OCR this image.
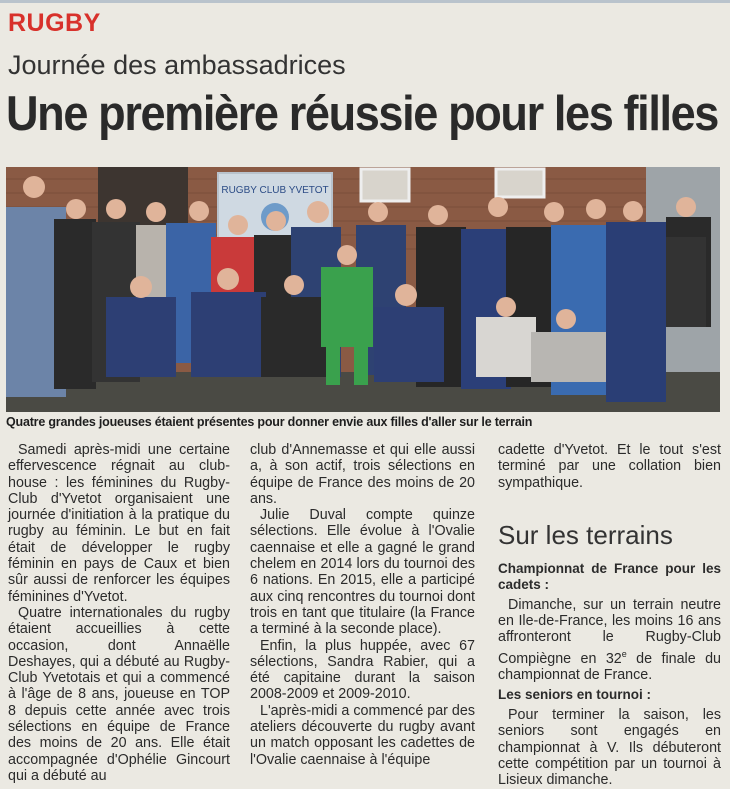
RUGBY
Journée des ambassadrices
Une première réussie pour les filles
RUGBY CLUB YVETOT
Quatre grandes joueuses étaient présentes pour donner envie aux filles d'aller sur le terrain

Samedi après-midi une certaine effervescence régnait au club-house : les féminines du Rugby-Club d'Yvetot organisaient une journée d'initiation à la pratique du rugby au féminin. Le but en fait était de développer le rugby féminin en pays de Caux et bien sûr aussi de renforcer les équipes féminines d'Yvetot.

Quatre internationales du rugby étaient accueillies à cette occasion, dont Annaëlle Deshayes, qui a débuté au Rugby-Club Yvetotais et qui a commencé à l'âge de 8 ans, joueuse en TOP 8 depuis cette année avec trois sélections en équipe de France des moins de 20 ans. Elle était accompagnée d'Ophélie Gincourt qui a débuté au

club d'Annemasse et qui elle aussi a, à son actif, trois sélections en équipe de France des moins de 20 ans.

Julie Duval compte quinze sélections. Elle évolue à l'Ovalie caennaise et elle a gagné le grand chelem en 2014 lors du tournoi des 6 nations. En 2015, elle a participé aux cinq rencontres du tournoi dont trois en tant que titulaire (la France a terminé à la seconde place).

Enfin, la plus huppée, avec 67 sélections, Sandra Rabier, qui a été capitaine durant la saison 2008-2009 et 2009-2010.

L'après-midi a commencé par des ateliers découverte du rugby avant un match opposant les cadettes de l'Ovalie caennaise à l'équipe

cadette d'Yvetot. Et le tout s'est terminé par une collation bien sympathique.

Sur les terrains
Championnat de France pour les cadets :

Dimanche, sur un terrain neutre en Ile-de-France, les moins 16 ans affronteront le Rugby-Club Compiègne en 32e de finale du championnat de France.

Les seniors en tournoi :

Pour terminer la saison, les seniors sont engagés en championnat à V. Ils débuteront cette compétition par un tournoi à Lisieux dimanche.
